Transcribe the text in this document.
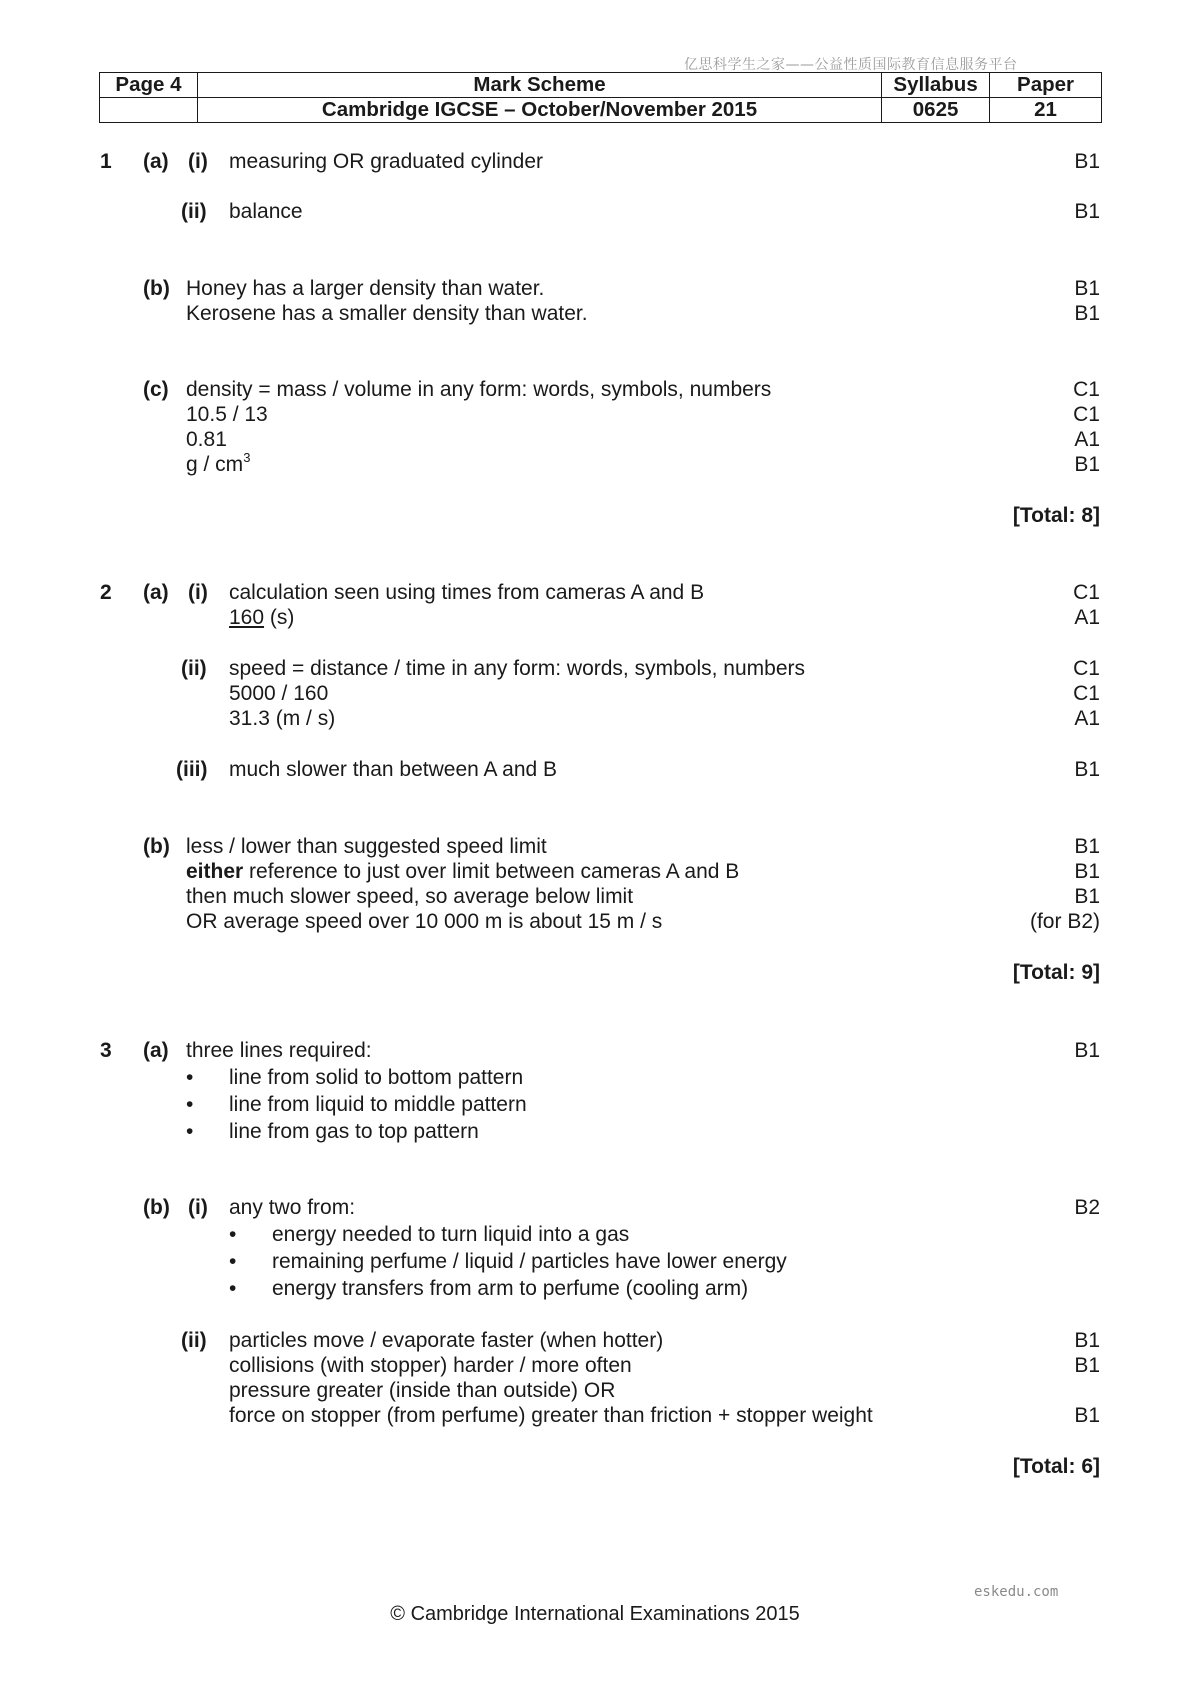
亿思科学生之家——公益性质国际教育信息服务平台
Page 4	Mark Scheme	Syllabus	Paper
	Cambridge IGCSE – October/November 2015	0625	21
1 (a) (i) measuring OR graduated cylinder	B1
(ii) balance	B1
(b) Honey has a larger density than water.	B1
Kerosene has a smaller density than water.	B1
(c) density = mass / volume in any form: words, symbols, numbers	C1
10.5 / 13	C1
0.81	A1
g / $cm^3$	B1
[Total: 8]
2 (a) (i) calculation seen using times from cameras A and B	C1
160 (s)	A1
(ii) speed = distance / time in any form: words, symbols, numbers	C1
5000 / 160	C1
31.3 (m / s)	A1
(iii) much slower than between A and B	B1
(b) less / lower than suggested speed limit	B1
either reference to just over limit between cameras A and B	B1
then much slower speed, so average below limit	B1
OR average speed over 10 000 m is about 15 m / s	(for B2)
[Total: 9]
3 (a) three lines required:	B1
• line from solid to bottom pattern
• line from liquid to middle pattern
• line from gas to top pattern
(b) (i) any two from:	B2
• energy needed to turn liquid into a gas
• remaining perfume / liquid / particles have lower energy
• energy transfers from arm to perfume (cooling arm)
(ii) particles move / evaporate faster (when hotter)	B1
collisions (with stopper) harder / more often	B1
pressure greater (inside than outside) OR
force on stopper (from perfume) greater than friction + stopper weight	B1
[Total: 6]
eskedu.com
© Cambridge International Examinations 2015
